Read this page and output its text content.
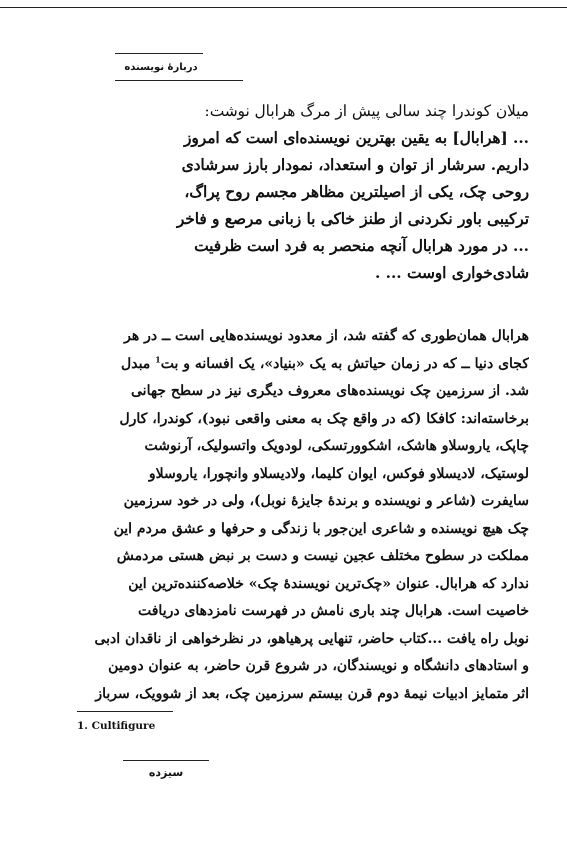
دربارهٔ نویسنده
میلان کوندرا چند سالی پیش از مرگ هرابال نوشت:
... [هرابال] به یقین بهترین نویسنده‌ای است که امروز
داریم. سرشار از توان و استعداد، نمودار بارز سرشادی
روحی چک، یکی از اصیلترین مظاهر مجسم روح پراگ،
ترکیبی باور نکردنی از طنز خاکی با زبانی مرصع و فاخر
... در مورد هرابال آنچه منحصر به فرد است ظرفیت
شادی‌خواری اوست ... .
هرابال همان‌طوری که گفته شد، از معدود نویسنده‌هایی است ــ در هر
کجای دنیا ــ که در زمان حیاتش به یک «بنیاد»، یک افسانه و بت$^1$ مبدل
شد. از سرزمین چک نویسنده‌های معروف دیگری نیز در سطح جهانی
برخاسته‌اند: کافکا (که در واقع چک به معنی واقعی نبود)، کوندرا، کارل
چاپک، یاروسلاو هاشک، اشکوورتسکی، لودویک واتسولیک، آرنوشت
لوستیک، لادیسلاو فوکس، ایوان کلیما، ولادیسلاو وانچورا، یاروسلاو
سایفرت (شاعر و نویسنده و برندهٔ جایزهٔ نوبل)، ولی در خود سرزمین
چک هیچ نویسنده و شاعری این‌جور با زندگی و حرفها و عشق مردم این
مملکت در سطوح مختلف عجین نیست و دست بر نبض هستی مردمش
ندارد که هرابال. عنوان «چک‌ترین نویسندهٔ چک» خلاصه‌کننده‌ترین این
خاصیت است. هرابال چند باری نامش در فهرست نامزدهای دریافت
نوبل راه یافت ...کتاب حاضر، تنهایی پرهیاهو، در نظرخواهی از ناقدان ادبی
و استادهای دانشگاه و نویسندگان، در شروع قرن حاضر، به عنوان دومین
اثر متمایز ادبیات نیمهٔ دوم قرن بیستم سرزمین چک، بعد از شوویک، سرباز
1. Cultifigure
سیزده
